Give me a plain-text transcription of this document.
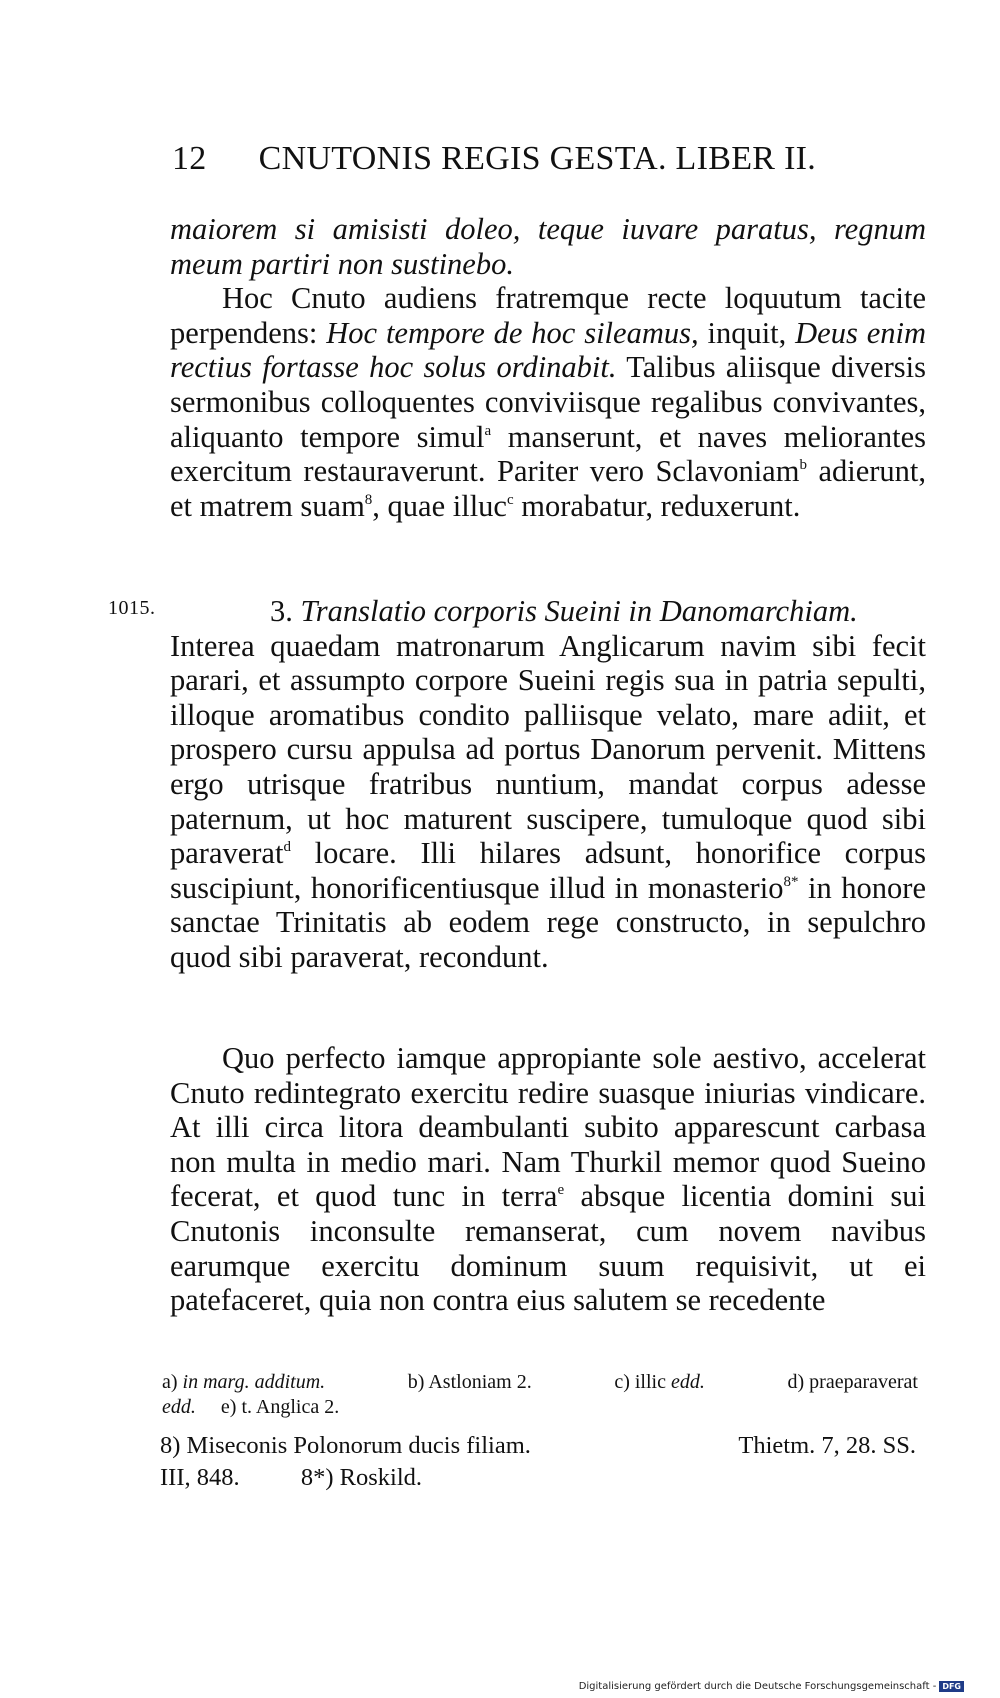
12 CNUTONIS REGIS GESTA. LIBER II.
maiorem si amisisti doleo, teque iuvare paratus, regnum meum partiri non sustinebo.
Hoc Cnuto audiens fratremque recte loquutum tacite perpendens: Hoc tempore de hoc sileamus, inquit, Deus enim rectius fortasse hoc solus ordinabit. Talibus aliisque diversis sermonibus colloquentes conviviisque regalibus convivantes, aliquanto tempore simul$^a$ manserunt, et naves meliorantes exercitum restauraverunt. Pariter vero Sclavoniam$^b$ adierunt, et matrem suam$^8$, quae illuc$^c$ morabatur, reduxerunt.
1015.	3. Translatio corporis Sueini in Danomarchiam.
Interea quaedam matronarum Anglicarum navim sibi fecit parari, et assumpto corpore Sueini regis sua in patria sepulti, illoque aromatibus condito palliisque velato, mare adiit, et prospero cursu appulsa ad portus Danorum pervenit. Mittens ergo utrisque fratribus nuntium, mandat corpus adesse paternum, ut hoc maturent suscipere, tumuloque quod sibi paraverat$^d$ locare. Illi hilares adsunt, honorifice corpus suscipiunt, honorificentiusque illud in monasterio$^{8*}$ in honore sanctae Trinitatis ab eodem rege constructo, in sepulchro quod sibi paraverat, recondunt.
Quo perfecto iamque appropiante sole aestivo, accelerat Cnuto redintegrato exercitu redire suasque iniurias vindicare. At illi circa litora deambulanti subito apparescunt carbasa non multa in medio mari. Nam Thurkil memor quod Sueino fecerat, et quod tunc in terra$^e$ absque licentia domini sui Cnutonis inconsulte remanserat, cum novem navibus earumque exercitu dominum suum requisivit, ut ei patefaceret, quia non contra eius salutem se recedente
a) in marg. additum.	b) Astloniam 2.	c) illic edd.	d) praeparaverat
edd. e) t. Anglica 2.
8) Miseconis Polonorum ducis filiam.	Thietm. 7, 28. SS.
III, 848.	8*) Roskild.
Digitalisierung gefördert durch die Deutsche Forschungsgemeinschaft - DFG
